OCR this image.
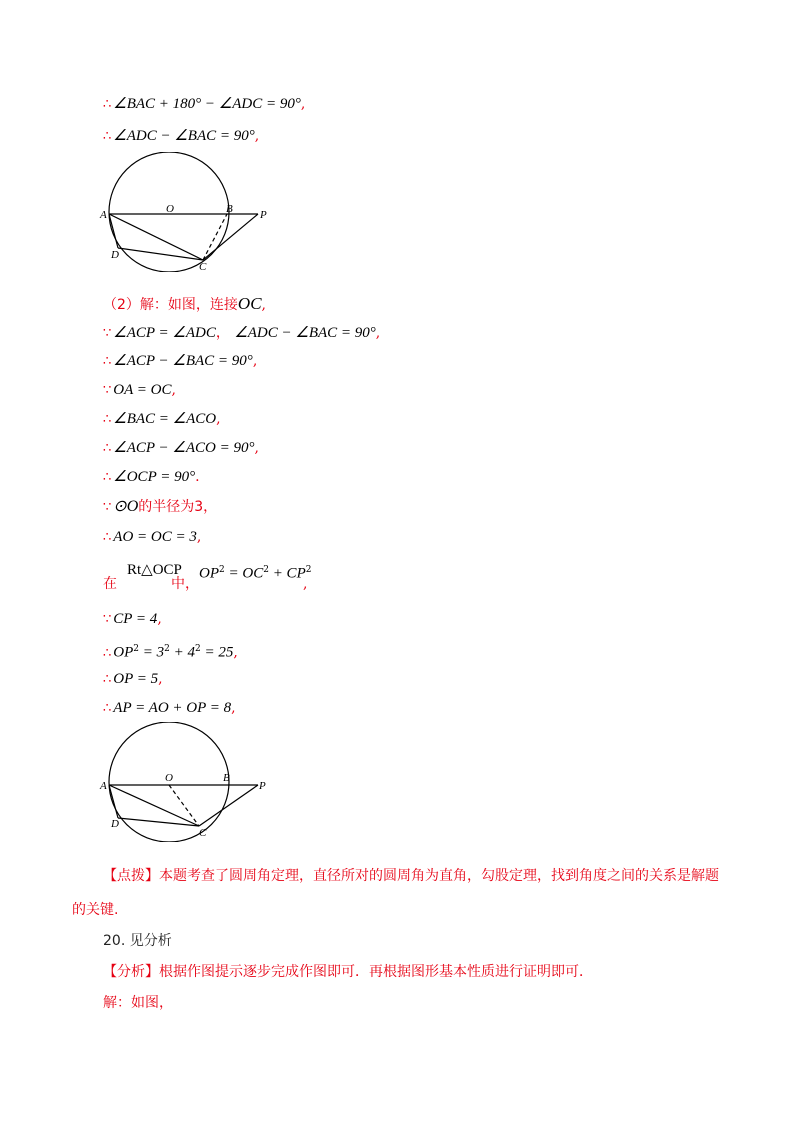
∴ ∠BAC + 180° − ∠ADC = 90°,
∴ ∠ADC − ∠BAC = 90°,
A	O	B P
C
D
（2）解：如图，连接OC,
∵ ∠ACP = ∠ADC， ∠ADC − ∠BAC = 90°,
∴ ∠ACP − ∠BAC = 90°,
∵ OA = OC,
∴ ∠BAC = ∠ACO,
∴ ∠ACP − ∠ACO = 90°,
∴ ∠OCP = 90°.
∵ ⊙O的半径为3，
∴ AO = OC = 3,
在
Rt△OCP
中，
$OP^2 = OC^2 + CP^2$
,
∵ CP = 4,
∴ $OP^2 = 3^2 + 4^2 = 25$,
∴ OP = 5,
∴ AP = AO + OP = 8,
A
O	B
P
C
D
【点拨】本题考查了圆周角定理，直径所对的圆周角为直角，勾股定理，找到角度之间的关系是解题
的关键.
20. 见分析
【分析】根据作图提示逐步完成作图即可．再根据图形基本性质进行证明即可．
解：如图，
